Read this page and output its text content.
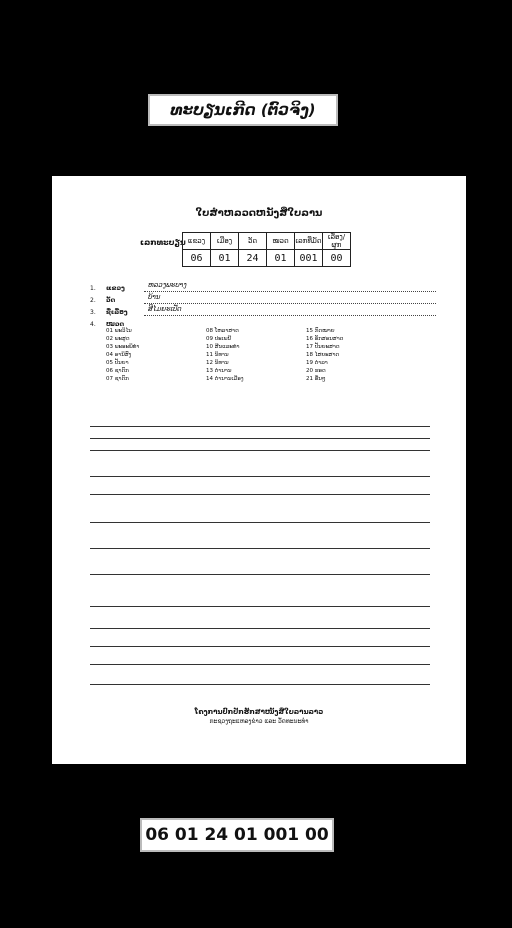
ທະບຽນເກີດ (ຕົວຈິງ)
ໃບສຳຫລວດຫນັງສືໃບລານ
ເລກທະບຽນ ແຂວງ	ເມືອງ	ວັດ	ໝວດ	ເລກທີ່ມັດ	ເລື່ອງ/ຜູກ
06	01	24	01	001	00
1.	ແຂວງ	ຫລວງພະບາງ
2.	ວັດ	ບ້ານ
3.	ຊື່ເລື່ອງ	ສີໄມຍະເປັດ
4.	ໝວດ
01 ພະວິໄນ	08 ໂຫລາສາດ	15 ກົດໝາຍ
02 ພະສູດ	09 ປະເພນີ	16 ອັກສອນສາດ
03 ພະອະພິທຳ	10 ສີນແລະທຳ	17 ປັນຍະສາດ
04 ອານິສົງ	11 ນິທານ	18 ໄສຍະສາດ
05 ປັນຍາ	12 ນິທານ	19 ຕຳລາ
06 ຊາດົກ	13 ຕຳນານ	20 ຮອດ
07 ຊາດົກ	14 ຕຳນານເມືອງ	21 ອື່ນໆ
ໂຄງການປົກປັກຮັກສາໜັງສືໃບລານລາວ
ກະຊວງຖະແຫລງຂ່າວ ແລະ ວັດທະນະທຳ
06 01 24 01 001 00
